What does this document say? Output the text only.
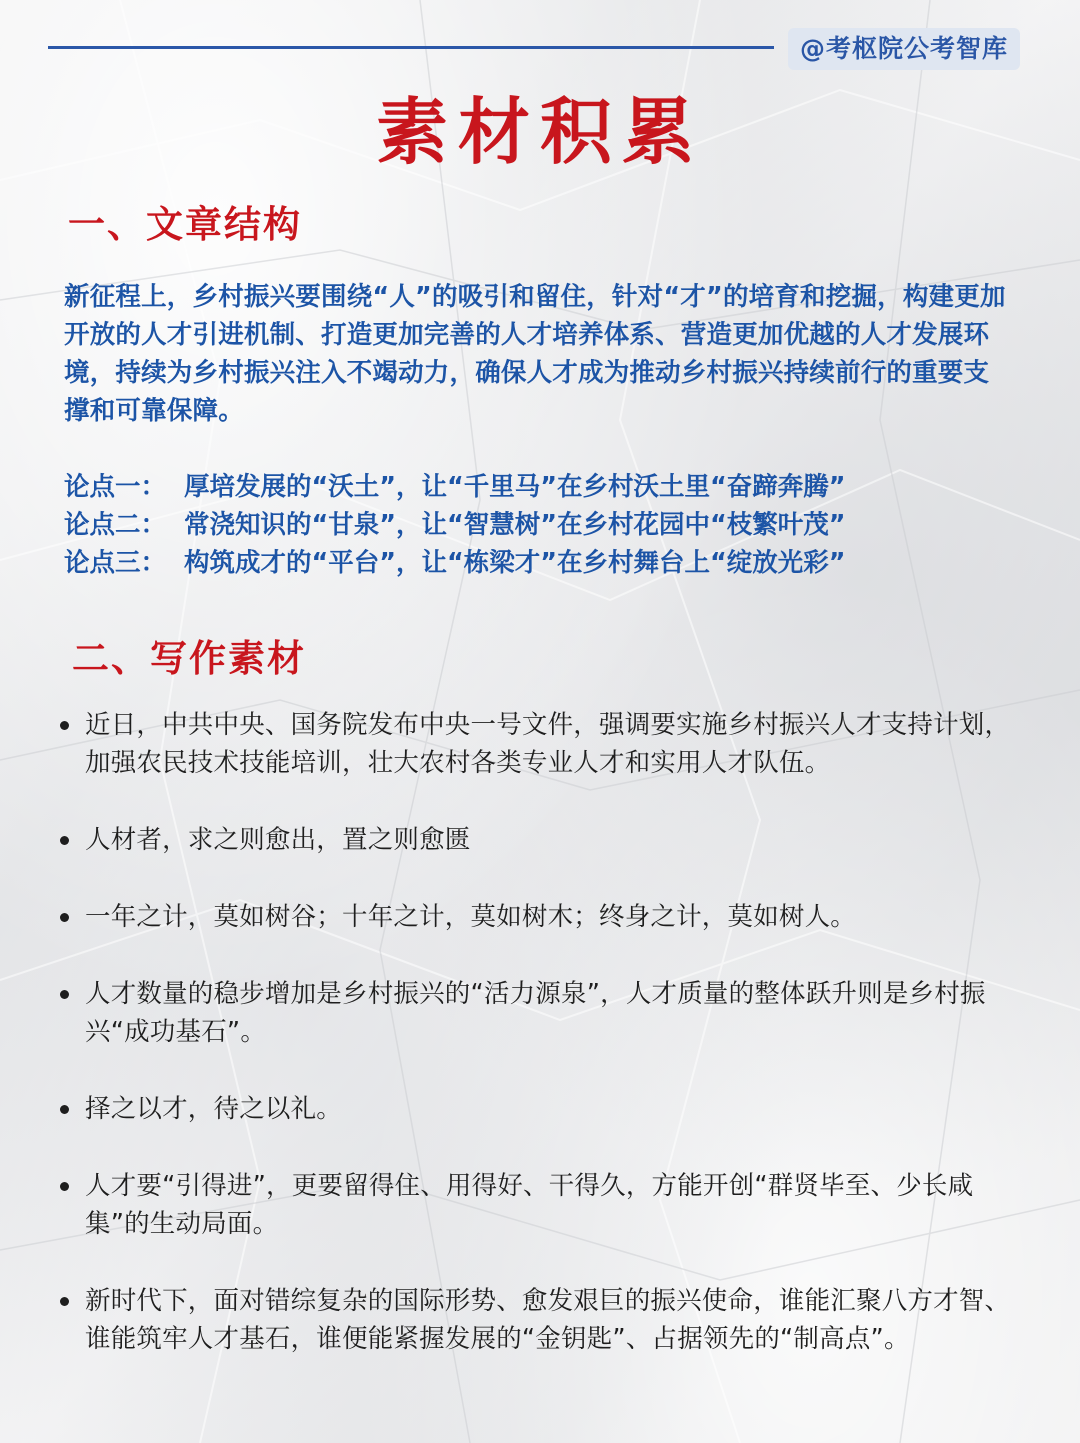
@考枢院公考智库
素材积累
一、文章结构

新征程上，乡村振兴要围绕“人”的吸引和留住，针对“才”的培育和挖掘，构建更加开放的人才引进机制、打造更加完善的人才培养体系、营造更加优越的人才发展环境，持续为乡村振兴注入不竭动力，确保人才成为推动乡村振兴持续前行的重要支撑和可靠保障。

论点一： 厚培发展的“沃土”，让“千里马”在乡村沃土里“奋蹄奔腾”
论点二： 常浇知识的“甘泉”，让“智慧树”在乡村花园中“枝繁叶茂”
论点三： 构筑成才的“平台”，让“栋梁才”在乡村舞台上“绽放光彩”
二、写作素材
近日，中共中央、国务院发布中央一号文件，强调要实施乡村振兴人才支持计划，加强农民技术技能培训，壮大农村各类专业人才和实用人才队伍。
人材者，求之则愈出，置之则愈匮
一年之计，莫如树谷；十年之计，莫如树木；终身之计，莫如树人。
人才数量的稳步增加是乡村振兴的“活力源泉”，人才质量的整体跃升则是乡村振兴“成功基石”。
择之以才，待之以礼。
人才要“引得进”，更要留得住、用得好、干得久，方能开创“群贤毕至、少长咸集”的生动局面。
新时代下，面对错综复杂的国际形势、愈发艰巨的振兴使命，谁能汇聚八方才智、谁能筑牢人才基石，谁便能紧握发展的“金钥匙”、占据领先的“制高点”。
